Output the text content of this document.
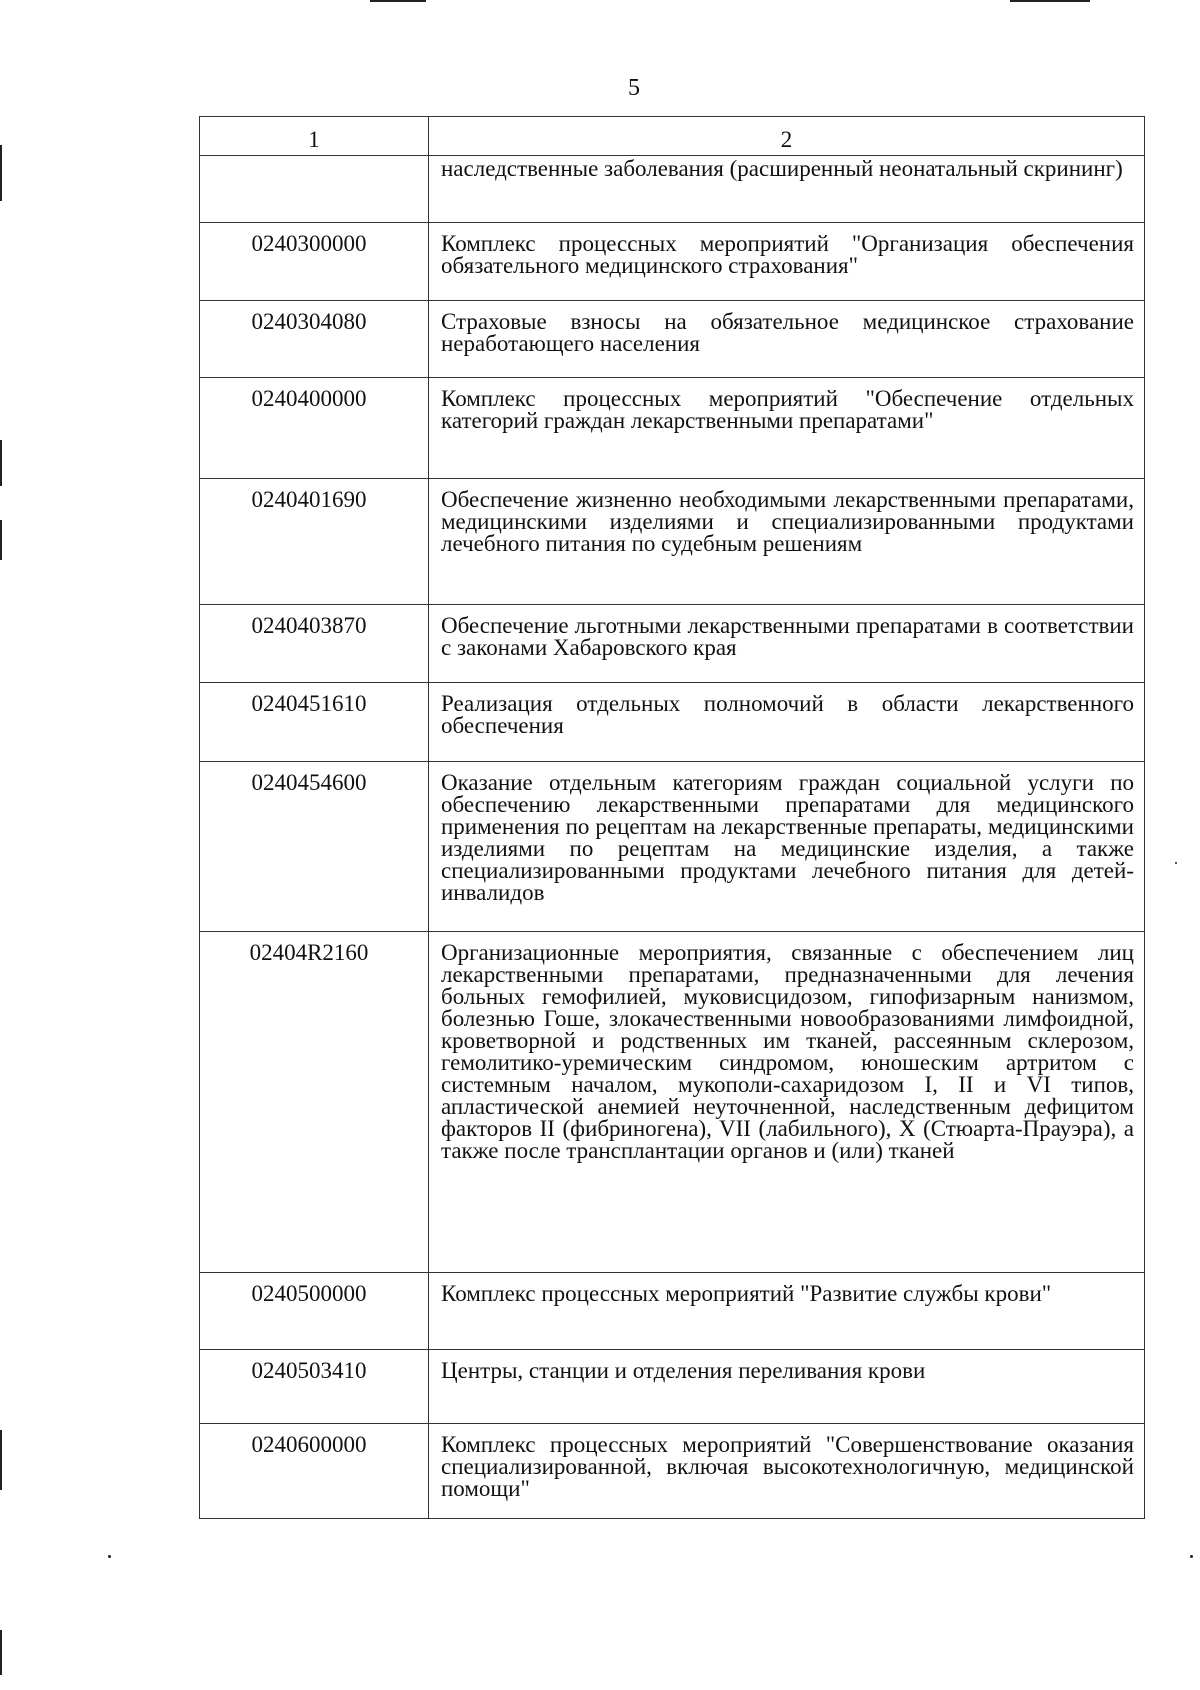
5
1	2

	наследственные заболевания (расширенный неонатальный скрининг)

0240300000	Комплекс процессных мероприятий "Организация обеспечения обязательного медицинского страхования"

0240304080	Страховые взносы на обязательное медицинское страхование неработающего населения

0240400000	Комплекс процессных мероприятий "Обеспечение отдельных категорий граждан лекарственными препаратами"

0240401690	Обеспечение жизненно необходимыми лекарственными препаратами, медицинскими изделиями и специализированными продуктами лечебного питания по судебным решениям

0240403870	Обеспечение льготными лекарственными препаратами в соответствии с законами Хабаровского края

0240451610	Реализация отдельных полномочий в области лекарственного обеспечения

0240454600	Оказание отдельным категориям граждан социальной услуги по обеспечению лекарственными препаратами для медицинского применения по рецептам на лекарственные препараты, медицинскими изделиями по рецептам на медицинские изделия, а также специализированными продуктами лечебного питания для детей-инвалидов

02404R2160	Организационные мероприятия, связанные с обеспечением лиц лекарственными препаратами, предназначенными для лечения больных гемофилией, муковисцидозом, гипофизарным нанизмом, болезнью Гоше, злокачественными новообразованиями лимфоидной, кроветворной и родственных им тканей, рассеянным склерозом, гемолитико-уремическим синдромом, юношеским артритом с системным началом, мукополи-сахаридозом I, II и VI типов, апластической анемией неуточненной, наследственным дефицитом факторов II (фибриногена), VII (лабильного), X (Стюарта-Прауэра), а также после трансплантации органов и (или) тканей

0240500000	Комплекс процессных мероприятий "Развитие службы крови"

0240503410	Центры, станции и отделения переливания крови

0240600000	Комплекс процессных мероприятий "Совершенствование оказания специализированной, включая высокотехнологичную, медицинской помощи"
